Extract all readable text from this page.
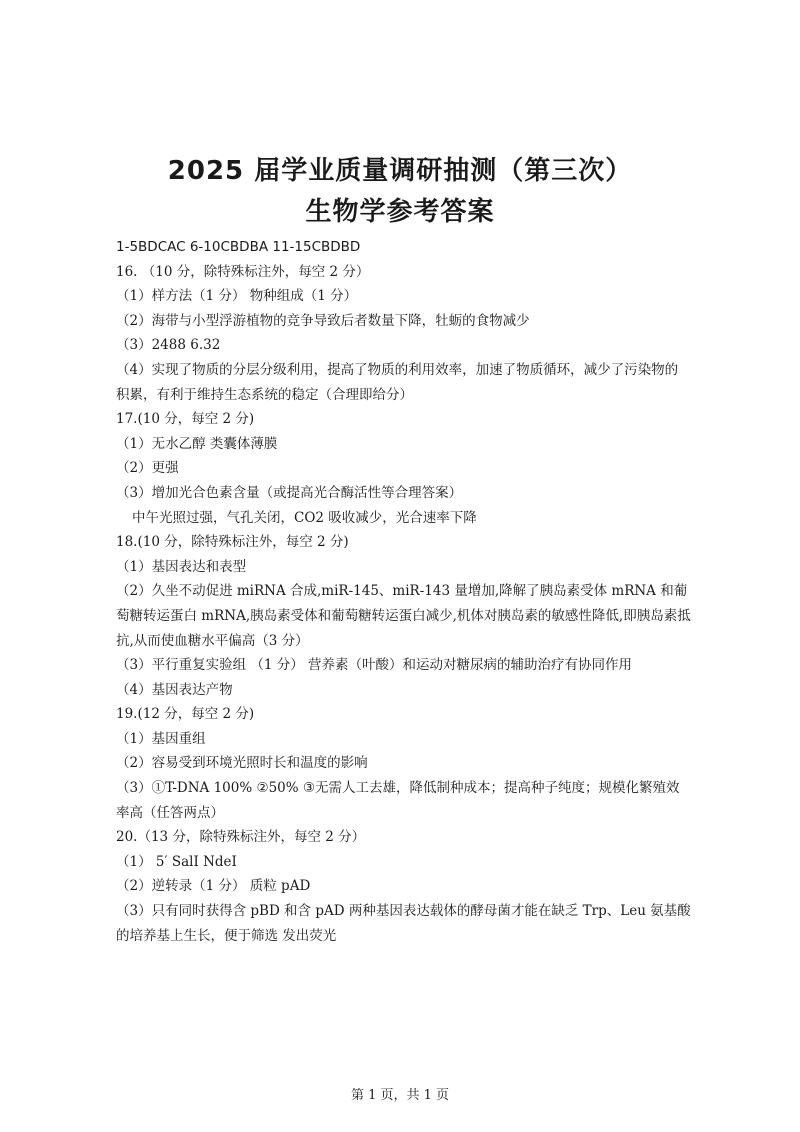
2025 届学业质量调研抽测（第三次）
生物学参考答案
1-5BDCAC 6-10CBDBA 11-15CBDBD
16. （10 分，除特殊标注外，每空 2 分）
（1）样方法（1 分） 物种组成（1 分）
（2）海带与小型浮游植物的竞争导致后者数量下降，牡蛎的食物减少
（3）2488 6.32
（4）实现了物质的分层分级利用，提高了物质的利用效率，加速了物质循环，减少了污染物的积累，有利于维持生态系统的稳定（合理即给分）
17.(10 分，每空 2 分)
（1）无水乙醇 类囊体薄膜
（2）更强
（3）增加光合色素含量（或提高光合酶活性等合理答案）
中午光照过强，气孔关闭，CO2 吸收减少，光合速率下降
18.(10 分，除特殊标注外，每空 2 分)
（1）基因表达和表型
（2）久坐不动促进 miRNA 合成,miR-145、miR-143 量增加,降解了胰岛素受体 mRNA 和葡萄糖转运蛋白 mRNA,胰岛素受体和葡萄糖转运蛋白减少,机体对胰岛素的敏感性降低,即胰岛素抵抗,从而使血糖水平偏高（3 分）
（3）平行重复实验组 （1 分） 营养素（叶酸）和运动对糖尿病的辅助治疗有协同作用
（4）基因表达产物
19.(12 分，每空 2 分)
（1）基因重组
（2）容易受到环境光照时长和温度的影响
（3）①T-DNA 100% ②50% ③无需人工去雄，降低制种成本；提高种子纯度；规模化繁殖效率高（任答两点）
20.（13 分，除特殊标注外，每空 2 分）
（1） 5′ SalI NdeI
（2）逆转录（1 分） 质粒 pAD
（3）只有同时获得含 pBD 和含 pAD 两种基因表达载体的酵母菌才能在缺乏 Trp、Leu 氨基酸的培养基上生长，便于筛选 发出荧光
第 1 页，共 1 页
